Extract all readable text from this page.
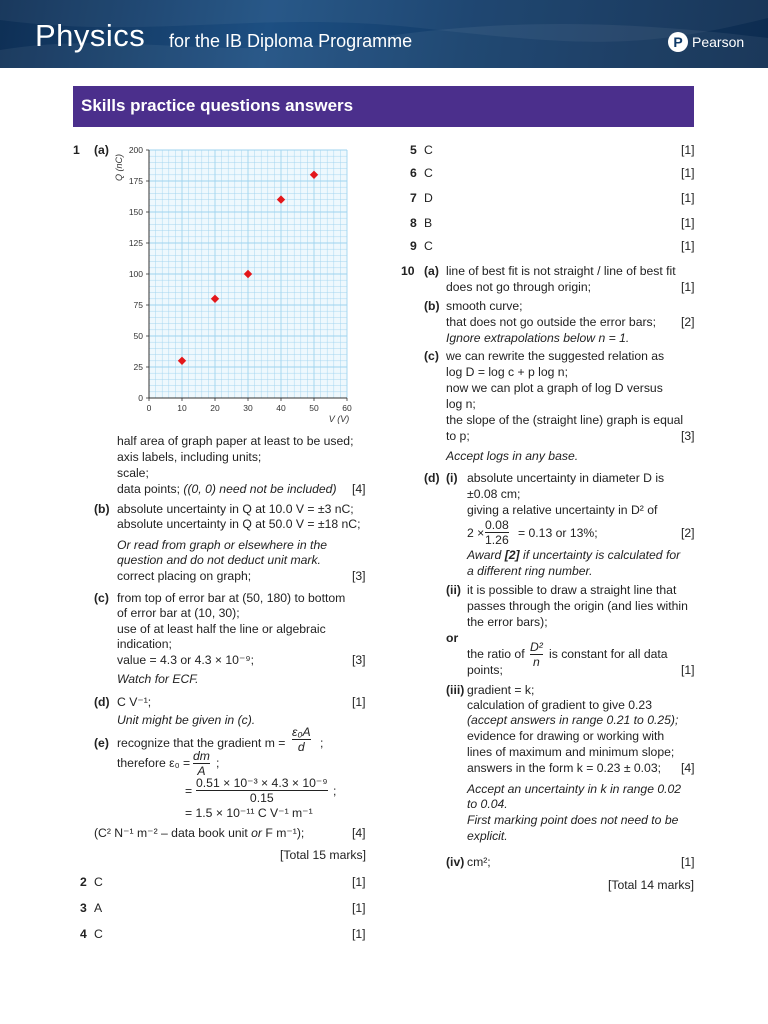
Physics for the IB Diploma Programme	P Pearson
Skills practice questions answers
1 (a)
0	10	20	30	40	50	60
0
25
50
75
100
125
150
175
200
V (V)
Q (nC)
half area of graph paper at least to be used;
axis labels, including units;
scale;
data points; ((0, 0) need not be included) [4]
(b) absolute uncertainty in Q at 10.0 V = ±3 nC;
absolute uncertainty in Q at 50.0 V = ±18 nC;
Or read from graph or elsewhere in the
question and do not deduct unit mark.
correct placing on graph;	[3]
(c) from top of error bar at (50, 180) to bottom
of error bar at (10, 30);
use of at least half the line or algebraic
indication;
value = 4.3 or 4.3 × 10⁻⁹;	[3]
Watch for ECF.
(d) C V⁻¹;	[1]
Unit might be given in (c).
(e) recognize that the gradient $m = \frac{\text{ε₀A}}{d}$ ;
therefore $\varepsilon_0 = \frac{dm}{A}$ ;
= $\frac{\text{0.51 × 10⁻³ × 4.3 × 10⁻⁹}}{0.15}$ ;
= 1.5 × 10⁻¹¹ C V⁻¹ m⁻¹
(C² N⁻¹ m⁻² – data book unit or F m⁻¹);	[4]
[Total 15 marks]
2 C	[1]
3 A	[1]
4 C	[1]
5 C	[1]
6 C	[1]
7 D	[1]
8 B	[1]
9 C	[1]
10 (a) line of best fit is not straight / line of best fit
does not go through origin;	[1]
(b) smooth curve;
that does not go outside the error bars; [2]
Ignore extrapolations below n = 1.
(c) we can rewrite the suggested relation as
log D = log c + p log n;
now we can plot a graph of log D versus
log n;
the slope of the (straight line) graph is equal
to p;	[3]
Accept logs in any base.
(d) (i) absolute uncertainty in diameter D is
±0.08 cm;
giving a relative uncertainty in D² of
$2 \times \frac{0.08}{1.26} = 0.13$ or 13%;	[2]
Award [2] if uncertainty is calculated for
a different ring number.
(ii) it is possible to draw a straight line that
passes through the origin (and lies within
the error bars);
or
the ratio of $\frac{\text{D²}}{n}$ is constant for all data
points;	[1]
(iii) gradient = k;
calculation of gradient to give 0.23
(accept answers in range 0.21 to 0.25);
evidence for drawing or working with
lines of maximum and minimum slope;
answers in the form k = 0.23 ± 0.03; [4]
Accept an uncertainty in k in range 0.02
to 0.04.
First marking point does not need to be
explicit.
(iv) cm²;	[1]
[Total 14 marks]
